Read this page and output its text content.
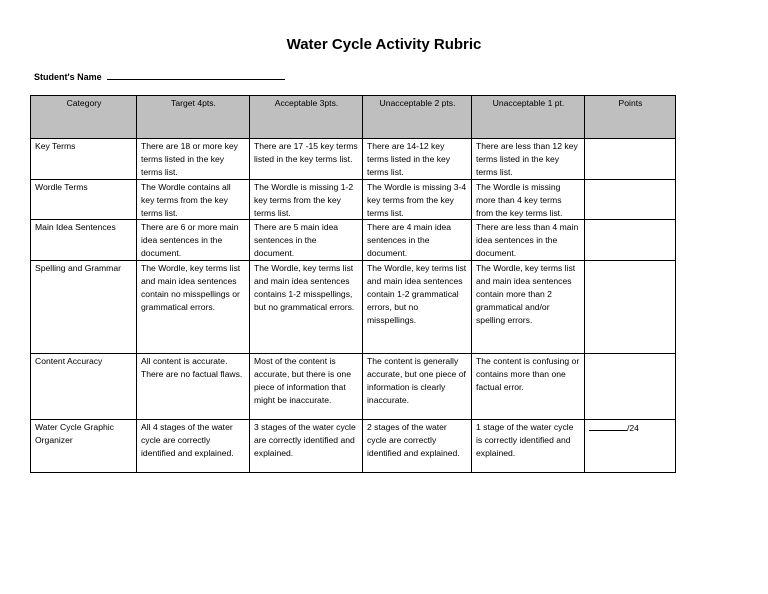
Water Cycle Activity Rubric
Student's Name
Category	Target 4pts.	Acceptable 3pts.	Unacceptable 2 pts.	Unacceptable 1 pt.	Points
Key Terms	There are 18 or more key terms listed in the key terms list.	There are 17 -15 key terms listed in the key terms list.	There are 14-12 key terms listed in the key terms list.	There are less than 12 key terms listed in the key terms list.	
Wordle Terms	The Wordle contains all key terms from the key terms list.	The Wordle is missing 1-2 key terms from the key terms list.	The Wordle is missing 3-4 key terms from the key terms list.	The Wordle is missing more than 4 key terms from the key terms list.	
Main Idea Sentences	There are 6 or more main idea sentences in the document.	There are 5 main idea sentences in the document.	There are 4 main idea sentences in the document.	There are less than 4 main idea sentences in the document.	
Spelling and Grammar	The Wordle, key terms list and main idea sentences contain no misspellings or grammatical errors.	The Wordle, key terms list and main idea sentences contains 1-2 misspellings, but no grammatical errors.	The Wordle, key terms list and main idea sentences contain 1-2 grammatical errors, but no misspellings.	The Wordle, key terms list and main idea sentences contain more than 2 grammatical and/or spelling errors.	
Content Accuracy	All content is accurate. There are no factual flaws.	Most of the content is accurate, but there is one piece of information that might be inaccurate.	The content is generally accurate, but one piece of information is clearly inaccurate.	The content is confusing or contains more than one factual error.	
Water Cycle Graphic Organizer	All 4 stages of the water cycle are correctly identified and explained.	3 stages of the water cycle are correctly identified and explained.	2 stages of the water cycle are correctly identified and explained.	1 stage of the water cycle is correctly identified and explained.	/24
